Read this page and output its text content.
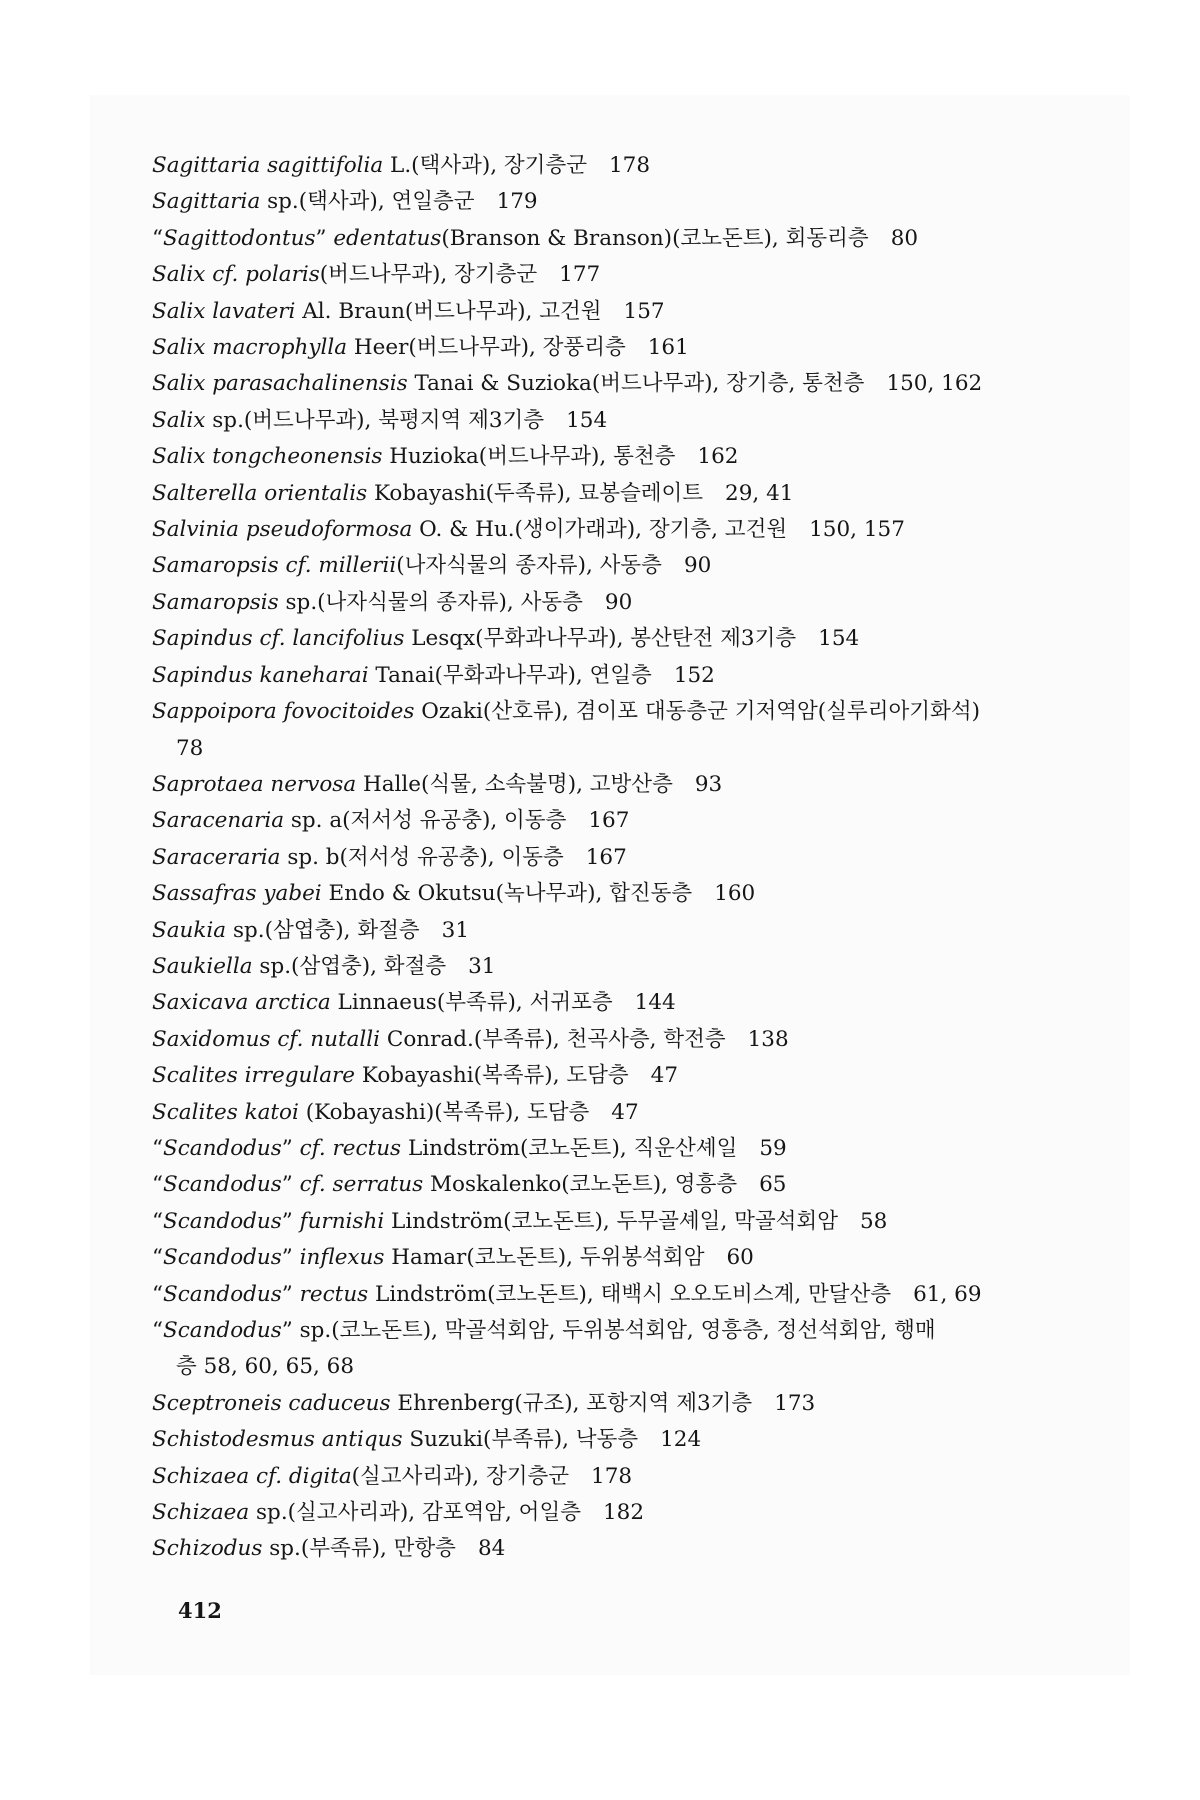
Sagittaria sagittifolia L.(택사과), 장기층군 178
Sagittaria sp.(택사과), 연일층군 179
“Sagittodontus” edentatus(Branson & Branson)(코노돈트), 회동리층 80
Salix cf. polaris(버드나무과), 장기층군 177
Salix lavateri Al. Braun(버드나무과), 고건원 157
Salix macrophylla Heer(버드나무과), 장풍리층 161
Salix parasachalinensis Tanai & Suzioka(버드나무과), 장기층, 통천층 150, 162
Salix sp.(버드나무과), 북평지역 제3기층 154
Salix tongcheonensis Huzioka(버드나무과), 통천층 162
Salterella orientalis Kobayashi(두족류), 묘봉슬레이트 29, 41
Salvinia pseudoformosa O. & Hu.(생이가래과), 장기층, 고건원 150, 157
Samaropsis cf. millerii(나자식물의 종자류), 사동층 90
Samaropsis sp.(나자식물의 종자류), 사동층 90
Sapindus cf. lancifolius Lesqx(무화과나무과), 봉산탄전 제3기층 154
Sapindus kaneharai Tanai(무화과나무과), 연일층 152
Sappoipora fovocitoides Ozaki(산호류), 겸이포 대동층군 기저역암(실루리아기화석)
78
Saprotaea nervosa Halle(식물, 소속불명), 고방산층 93
Saracenaria sp. a(저서성 유공충), 이동층 167
Saraceraria sp. b(저서성 유공충), 이동층 167
Sassafras yabei Endo & Okutsu(녹나무과), 합진동층 160
Saukia sp.(삼엽충), 화절층 31
Saukiella sp.(삼엽충), 화절층 31
Saxicava arctica Linnaeus(부족류), 서귀포층 144
Saxidomus cf. nutalli Conrad.(부족류), 천곡사층, 학전층 138
Scalites irregulare Kobayashi(복족류), 도담층 47
Scalites katoi (Kobayashi)(복족류), 도담층 47
“Scandodus” cf. rectus Lindström(코노돈트), 직운산셰일 59
“Scandodus” cf. serratus Moskalenko(코노돈트), 영흥층 65
“Scandodus” furnishi Lindström(코노돈트), 두무골셰일, 막골석회암 58
“Scandodus” inflexus Hamar(코노돈트), 두위봉석회암 60
“Scandodus” rectus Lindström(코노돈트), 태백시 오오도비스계, 만달산층 61, 69
“Scandodus” sp.(코노돈트), 막골석회암, 두위봉석회암, 영흥층, 정선석회암, 행매
층 58, 60, 65, 68
Sceptroneis caduceus Ehrenberg(규조), 포항지역 제3기층 173
Schistodesmus antiqus Suzuki(부족류), 낙동층 124
Schizaea cf. digita(실고사리과), 장기층군 178
Schizaea sp.(실고사리과), 감포역암, 어일층 182
Schizodus sp.(부족류), 만항층 84
412
